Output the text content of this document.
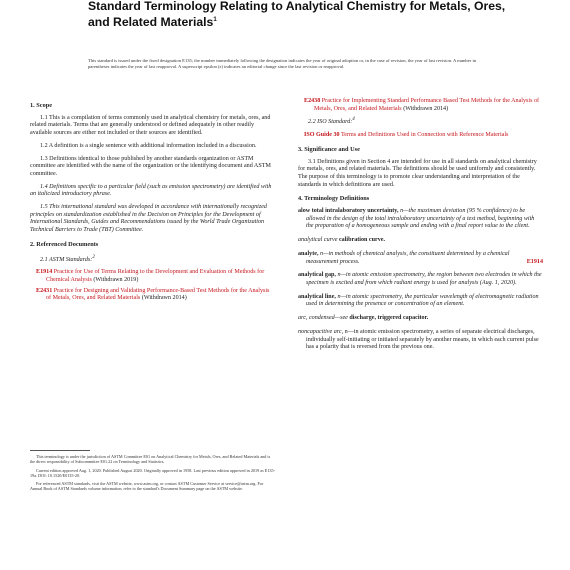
Standard Terminology Relating to Analytical Chemistry for Metals, Ores, and Related Materials$^1$
This standard is issued under the fixed designation E135; the number immediately following the designation indicates the year of original adoption or, in the case of revision, the year of last revision. A number in parentheses indicates the year of last reapproval. A superscript epsilon (ε) indicates an editorial change since the last revision or reapproval.
1. Scope
1.1 This is a compilation of terms commonly used in analytical chemistry for metals, ores, and related materials. Terms that are generally understood or defined adequately in other readily available sources are either not included or their sources are identified.
1.2 A definition is a single sentence with additional information included in a discussion.
1.3 Definitions identical to those published by another standards organization or ASTM committee are identified with the name of the organization or the identifying document and ASTM committee.
1.4 Definitions specific to a particular field (such as emission spectrometry) are identified with an italicized introductory phrase.
1.5 This international standard was developed in accordance with internationally recognized principles on standardization established in the Decision on Principles for the Development of International Standards, Guides and Recommendations issued by the World Trade Organization Technical Barriers to Trade (TBT) Committee.
2. Referenced Documents
2.1 ASTM Standards:$^2$
E1914 Practice for Use of Terms Relating to the Development and Evaluation of Methods for Chemical Analysis (Withdrawn 2019)
E2431 Practice for Designing and Validating Performance-Based Test Methods for the Analysis of Metals, Ores, and Related Materials (Withdrawn 2014)
This terminology is under the jurisdiction of ASTM Committee E01 on Analytical Chemistry for Metals, Ores, and Related Materials and is the direct responsibility of Subcommittee E01.22 on Terminology and Statistics.
Current edition approved Aug. 1, 2020. Published August 2020. Originally approved in 1958. Last previous edition approved in 2019 as E135-19a. DOI: 10.1520/E0135-20.
For referenced ASTM standards, visit the ASTM website, www.astm.org, or contact ASTM Customer Service at service@astm.org. For Annual Book of ASTM Standards volume information, refer to the standard's Document Summary page on the ASTM website.
E2438 Practice for Implementing Standard Performance Based Test Methods for the Analysis of Metals, Ores, and Related Materials (Withdrawn 2014)
2.2 ISO Standard:$^4$
ISO Guide 30 Terms and Definitions Used in Connection with Reference Materials
3. Significance and Use
3.1 Definitions given in Section 4 are intended for use in all standards on analytical chemistry for metals, ores, and related materials. The definitions should be used uniformly and consistently. The purpose of this terminology is to promote clear understanding and interpretation of the standards in which definitions are used.
4. Terminology Definitions
alow total intralaboratory uncertainty, n—the maximum deviation (95 % confidence) to be allowed in the design of the total intralaboratory uncertainty of a test method, beginning with the preparation of a homogeneous sample and ending with a final report value to the client.
analytical curve calibration curve.
analyte, n—in methods of chemical analysis, the constituent determined by a chemical measurement process.	E1914
analytical gap, n—in atomic emission spectrometry, the region between two electrodes in which the specimen is excited and from which radiant energy is used for analysis (Aug. 1, 2020).
analytical line, n—in atomic spectrometry, the particular wavelength of electromagnetic radiation used in determining the presence or concentration of an element.
arc, condensed—see discharge, triggered capacitor.
noncapacitive arc, n—in atomic emission spectrometry, a series of separate electrical discharges, individually self-initiating or initiated separately by another means, in which each current pulse has a polarity that is reversed from the previous one.
